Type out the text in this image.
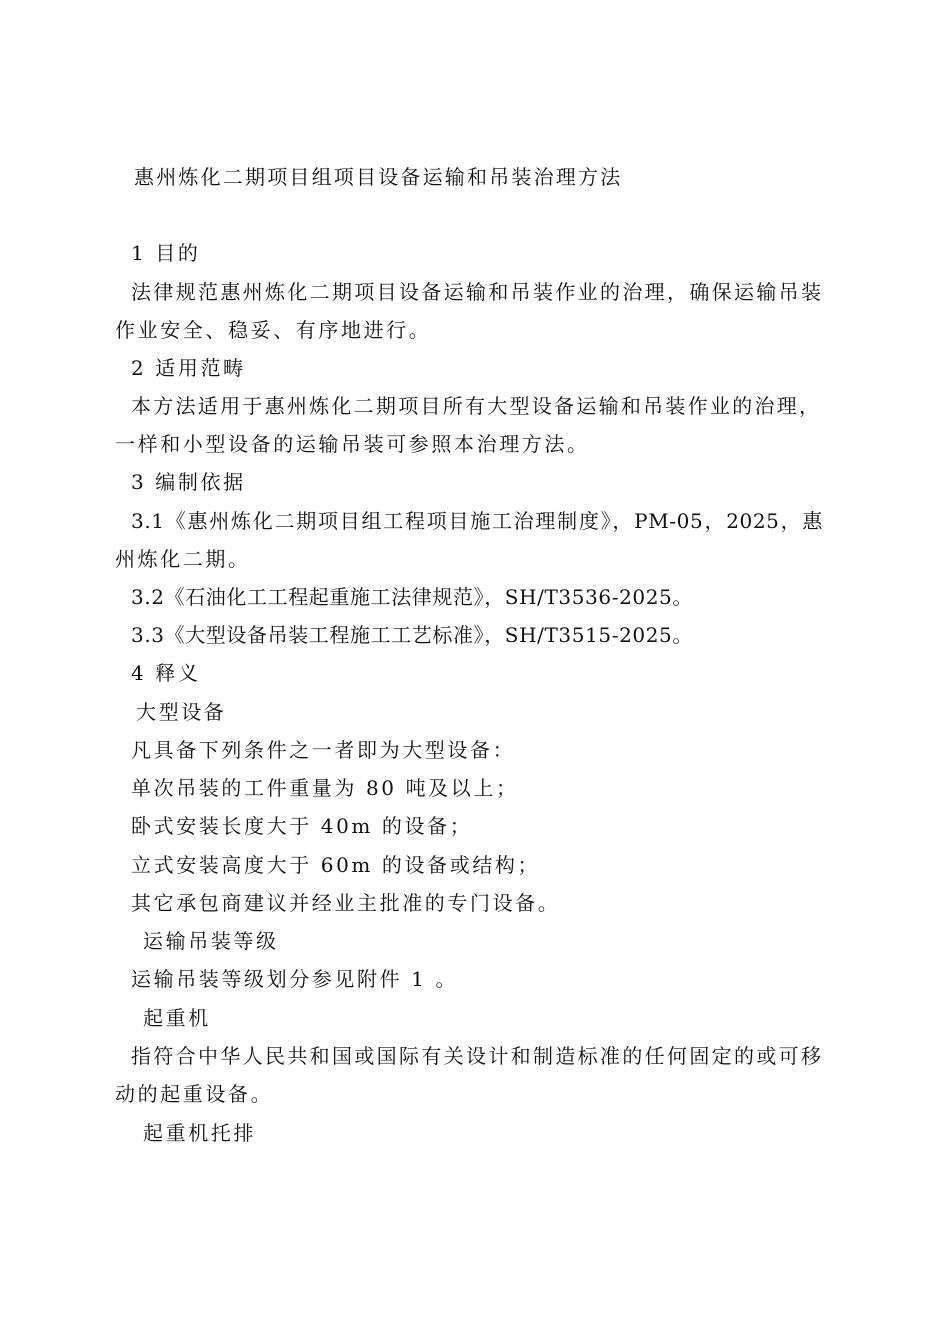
惠州炼化二期项目组项目设备运输和吊装治理方法
1 目的
法律规范惠州炼化二期项目设备运输和吊装作业的治理，确保运输吊装
作业安全、稳妥、有序地进行。
2 适用范畴
本方法适用于惠州炼化二期项目所有大型设备运输和吊装作业的治理，
一样和小型设备的运输吊装可参照本治理方法。
3 编制依据
3.1《惠州炼化二期项目组工程项目施工治理制度》，PM-05，2025，惠
州炼化二期。
3.2《石油化工工程起重施工法律规范》，SH/T3536-2025。
3.3《大型设备吊装工程施工工艺标准》，SH/T3515-2025。
4 释义
大型设备
凡具备下列条件之一者即为大型设备：
单次吊装的工件重量为 80 吨及以上；
卧式安装长度大于 40m 的设备；
立式安装高度大于 60m 的设备或结构；
其它承包商建议并经业主批准的专门设备。
运输吊装等级
运输吊装等级划分参见附件 1 。
起重机
指符合中华人民共和国或国际有关设计和制造标准的任何固定的或可移
动的起重设备。
起重机托排
